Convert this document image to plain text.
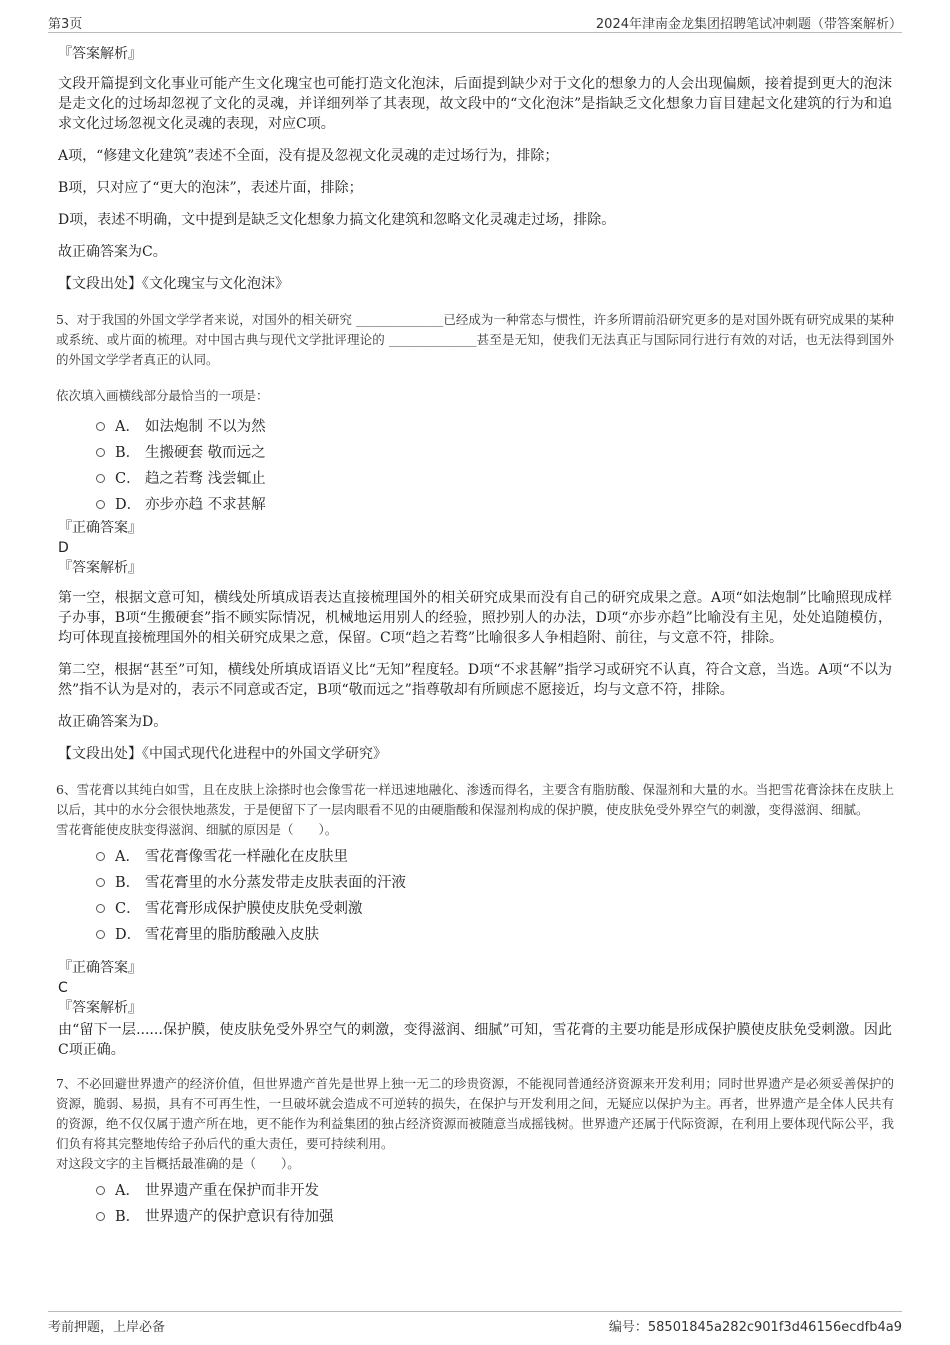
第3页	2024年津南金龙集团招聘笔试冲刺题（带答案解析）
『答案解析』
文段开篇提到文化事业可能产生文化瑰宝也可能打造文化泡沫，后面提到缺少对于文化的想象力的人会出现偏颇，接着提到更大的泡沫是走文化的过场却忽视了文化的灵魂，并详细列举了其表现，故文段中的“文化泡沫”是指缺乏文化想象力盲目建起文化建筑的行为和追求文化过场忽视文化灵魂的表现，对应C项。
A项，“修建文化建筑”表述不全面，没有提及忽视文化灵魂的走过场行为，排除；
B项，只对应了“更大的泡沫”，表述片面，排除；
D项，表述不明确，文中提到是缺乏文化想象力搞文化建筑和忽略文化灵魂走过场，排除。
故正确答案为C。
【文段出处】《文化瑰宝与文化泡沫》
5、对于我国的外国文学学者来说，对国外的相关研究 ______________已经成为一种常态与惯性，许多所谓前沿研究更多的是对国外既有研究成果的某种或系统、或片面的梳理。对中国古典与现代文学批评理论的 ______________甚至是无知，使我们无法真正与国际同行进行有效的对话，也无法得到国外的外国文学学者真正的认同。
依次填入画横线部分最恰当的一项是：
A． 如法炮制 不以为然
B． 生搬硬套 敬而远之
C． 趋之若骛 浅尝辄止
D． 亦步亦趋 不求甚解
『正确答案』
D
『答案解析』
第一空，根据文意可知，横线处所填成语表达直接梳理国外的相关研究成果而没有自己的研究成果之意。A项“如法炮制”比喻照现成样子办事，B项“生搬硬套”指不顾实际情况，机械地运用别人的经验，照抄别人的办法，D项“亦步亦趋”比喻没有主见，处处追随模仿，均可体现直接梳理国外的相关研究成果之意，保留。C项“趋之若骛”比喻很多人争相趋附、前往，与文意不符，排除。
第二空，根据“甚至”可知，横线处所填成语语义比“无知”程度轻。D项“不求甚解”指学习或研究不认真，符合文意，当选。A项“不以为然”指不认为是对的，表示不同意或否定，B项“敬而远之”指尊敬却有所顾虑不愿接近，均与文意不符，排除。
故正确答案为D。
【文段出处】《中国式现代化进程中的外国文学研究》
6、雪花膏以其纯白如雪，且在皮肤上涂搽时也会像雪花一样迅速地融化、渗透而得名，主要含有脂肪酸、保湿剂和大量的水。当把雪花膏涂抹在皮肤上以后，其中的水分会很快地蒸发，于是便留下了一层肉眼看不见的由硬脂酸和保湿剂构成的保护膜，使皮肤免受外界空气的刺激，变得滋润、细腻。
雪花膏能使皮肤变得滋润、细腻的原因是（　　）。
A． 雪花膏像雪花一样融化在皮肤里
B． 雪花膏里的水分蒸发带走皮肤表面的汗液
C． 雪花膏形成保护膜使皮肤免受刺激
D． 雪花膏里的脂肪酸融入皮肤
『正确答案』
C
『答案解析』
由“留下一层......保护膜，使皮肤免受外界空气的刺激，变得滋润、细腻”可知，雪花膏的主要功能是形成保护膜使皮肤免受刺激。因此C项正确。
7、不必回避世界遗产的经济价值，但世界遗产首先是世界上独一无二的珍贵资源，不能视同普通经济资源来开发利用；同时世界遗产是必须妥善保护的资源，脆弱、易损，具有不可再生性，一旦破坏就会造成不可逆转的损失，在保护与开发利用之间，无疑应以保护为主。再者，世界遗产是全体人民共有的资源，绝不仅仅属于遗产所在地，更不能作为利益集团的独占经济资源而被随意当成摇钱树。世界遗产还属于代际资源，在利用上要体现代际公平，我们负有将其完整地传给子孙后代的重大责任，要可持续利用。
对这段文字的主旨概括最准确的是（　　）。
A． 世界遗产重在保护而非开发
B． 世界遗产的保护意识有待加强
考前押题，上岸必备	编号：58501845a282c901f3d46156ecdfb4a9
